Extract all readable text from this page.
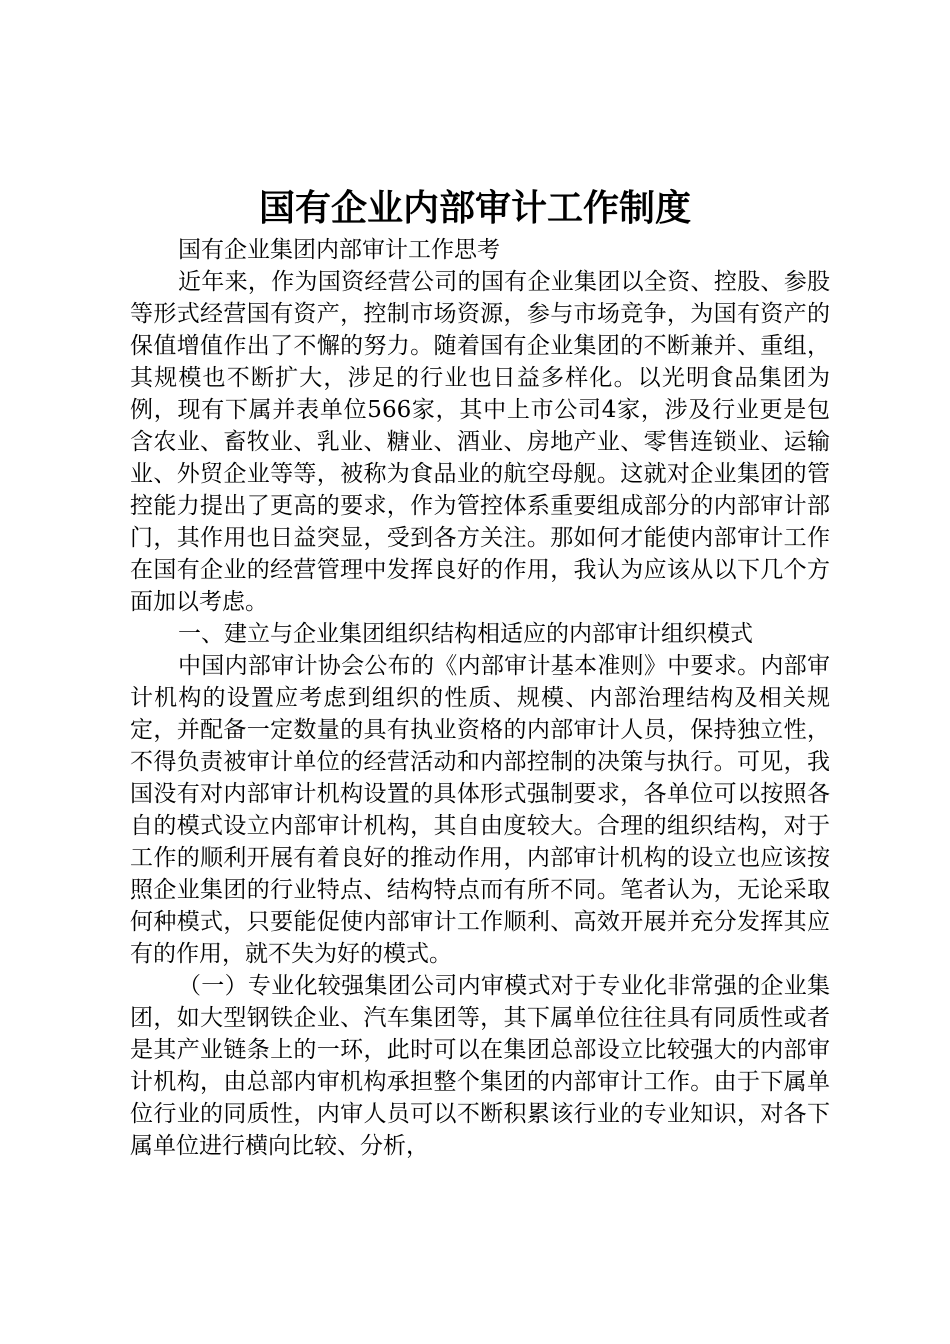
国有企业内部审计工作制度

国有企业集团内部审计工作思考

近年来，作为国资经营公司的国有企业集团以全资、控股、参股等形式经营国有资产，控制市场资源，参与市场竞争，为国有资产的保值增值作出了不懈的努力。随着国有企业集团的不断兼并、重组，其规模也不断扩大，涉足的行业也日益多样化。以光明食品集团为例，现有下属并表单位566家，其中上市公司4家，涉及行业更是包含农业、畜牧业、乳业、糖业、酒业、房地产业、零售连锁业、运输业、外贸企业等等，被称为食品业的航空母舰。这就对企业集团的管控能力提出了更高的要求，作为管控体系重要组成部分的内部审计部门，其作用也日益突显，受到各方关注。那如何才能使内部审计工作在国有企业的经营管理中发挥良好的作用，我认为应该从以下几个方面加以考虑。

一、建立与企业集团组织结构相适应的内部审计组织模式

中国内部审计协会公布的《内部审计基本准则》中要求。内部审计机构的设置应考虑到组织的性质、规模、内部治理结构及相关规定，并配备一定数量的具有执业资格的内部审计人员，保持独立性，不得负责被审计单位的经营活动和内部控制的决策与执行。可见，我国没有对内部审计机构设置的具体形式强制要求，各单位可以按照各自的模式设立内部审计机构，其自由度较大。合理的组织结构，对于工作的顺利开展有着良好的推动作用，内部审计机构的设立也应该按照企业集团的行业特点、结构特点而有所不同。笔者认为，无论采取何种模式，只要能促使内部审计工作顺利、高效开展并充分发挥其应有的作用，就不失为好的模式。

（一）专业化较强集团公司内审模式对于专业化非常强的企业集团，如大型钢铁企业、汽车集团等，其下属单位往往具有同质性或者是其产业链条上的一环，此时可以在集团总部设立比较强大的内部审计机构，由总部内审机构承担整个集团的内部审计工作。由于下属单位行业的同质性，内审人员可以不断积累该行业的专业知识，对各下属单位进行横向比较、分析，
